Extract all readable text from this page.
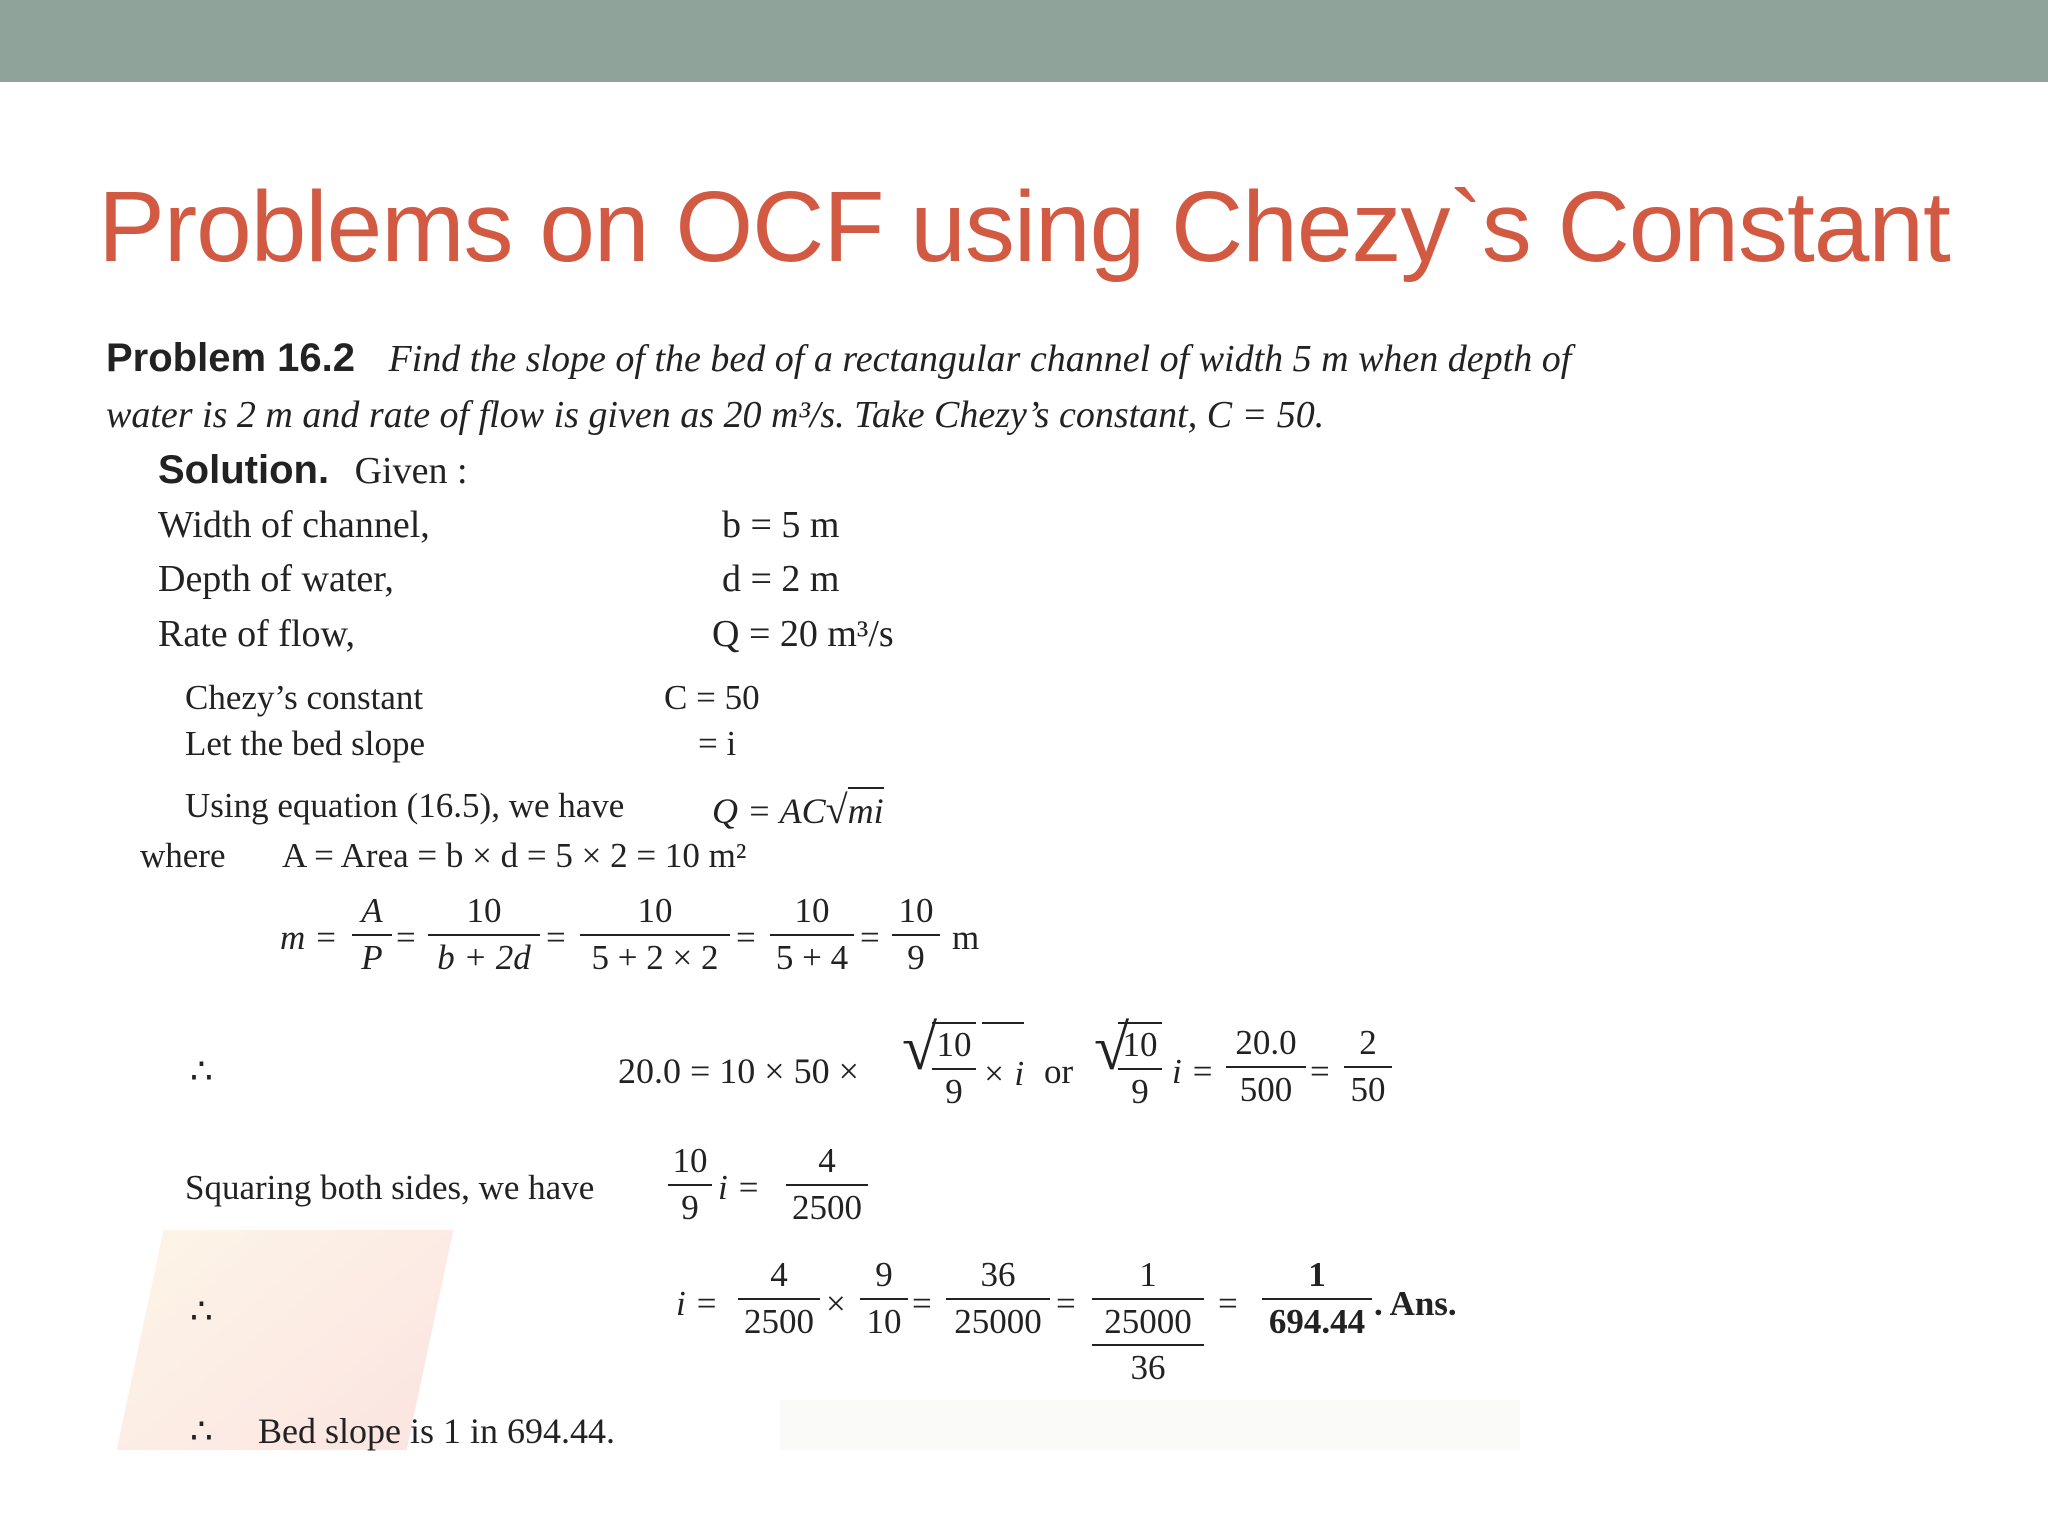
Problems on OCF using Chezy`s Constant
Problem 16.2 Find the slope of the bed of a rectangular channel of width 5 m when depth of
water is 2 m and rate of flow is given as 20 m³/s. Take Chezy’s constant, C = 50.
Solution. Given :
Width of channel,	b = 5 m
Depth of water,	d = 2 m
Rate of flow,	Q = 20 m³/s
Chezy’s constant	C = 50
Let the bed slope	= i
Using equation (16.5), we have Q = AC√mi
where A = Area = b × d = 5 × 2 = 10 m²
m =
A
P =
10
b + 2d =
10
5 + 2 × 2 =
10
5 + 4 =
10
9 m
∴	20.0 = 10 × 50 × √ 10
9 × i or √
10
9 i =
20.0
500 =
2
50
Squaring both sides, we have
10
9 i =
4
2500
∴	i =
4
2500 ×
9
10 =
36
25000 =
1
25000
36
=
1
694.44 . Ans.
∴ Bed slope is 1 in 694.44.
